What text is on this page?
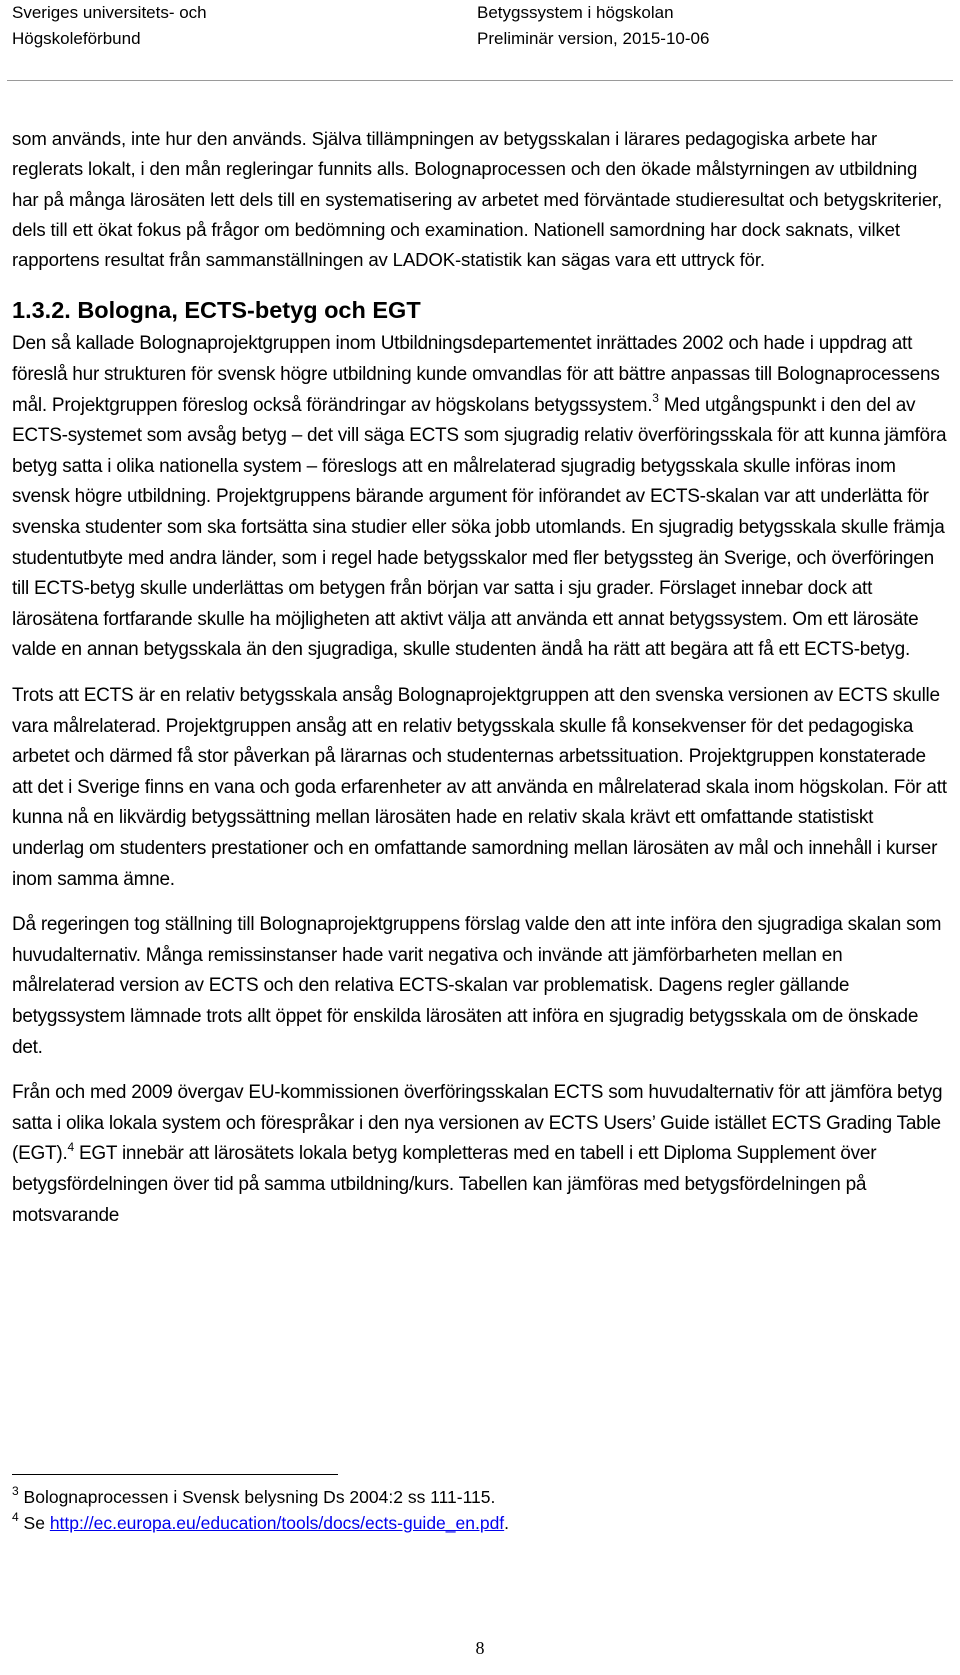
Sveriges universitets- och
Högskoleförbund
Betygssystem i högskolan
Preliminär version, 2015-10-06

som används, inte hur den används. Själva tillämpningen av betygsskalan i lärares pedagogiska arbete har reglerats lokalt, i den mån regleringar funnits alls. Bolognaprocessen och den ökade målstyrningen av utbildning har på många lärosäten lett dels till en systematisering av arbetet med förväntade studieresultat och betygskriterier, dels till ett ökat fokus på frågor om bedömning och examination. Nationell samordning har dock saknats, vilket rapportens resultat från sammanställningen av LADOK-statistik kan sägas vara ett uttryck för.

1.3.2. Bologna, ECTS-betyg och EGT

Den så kallade Bolognaprojektgruppen inom Utbildningsdepartementet inrättades 2002 och hade i uppdrag att föreslå hur strukturen för svensk högre utbildning kunde omvandlas för att bättre anpassas till Bolognaprocessens mål. Projektgruppen föreslog också förändringar av högskolans betygssystem.$^3$ Med utgångspunkt i den del av ECTS-systemet som avsåg betyg – det vill säga ECTS som sjugradig relativ överföringsskala för att kunna jämföra betyg satta i olika nationella system – föreslogs att en målrelaterad sjugradig betygsskala skulle införas inom svensk högre utbildning. Projektgruppens bärande argument för införandet av ECTS-skalan var att underlätta för svenska studenter som ska fortsätta sina studier eller söka jobb utomlands. En sjugradig betygsskala skulle främja studentutbyte med andra länder, som i regel hade betygsskalor med fler betygssteg än Sverige, och överföringen till ECTS-betyg skulle underlättas om betygen från början var satta i sju grader. Förslaget innebar dock att lärosätena fortfarande skulle ha möjligheten att aktivt välja att använda ett annat betygssystem. Om ett lärosäte valde en annan betygsskala än den sjugradiga, skulle studenten ändå ha rätt att begära att få ett ECTS-betyg.

Trots att ECTS är en relativ betygsskala ansåg Bolognaprojektgruppen att den svenska versionen av ECTS skulle vara målrelaterad. Projektgruppen ansåg att en relativ betygsskala skulle få konsekvenser för det pedagogiska arbetet och därmed få stor påverkan på lärarnas och studenternas arbetssituation. Projektgruppen konstaterade att det i Sverige finns en vana och goda erfarenheter av att använda en målrelaterad skala inom högskolan. För att kunna nå en likvärdig betygssättning mellan lärosäten hade en relativ skala krävt ett omfattande statistiskt underlag om studenters prestationer och en omfattande samordning mellan lärosäten av mål och innehåll i kurser inom samma ämne.

Då regeringen tog ställning till Bolognaprojektgruppens förslag valde den att inte införa den sjugradiga skalan som huvudalternativ. Många remissinstanser hade varit negativa och invände att jämförbarheten mellan en målrelaterad version av ECTS och den relativa ECTS-skalan var problematisk. Dagens regler gällande betygssystem lämnade trots allt öppet för enskilda lärosäten att införa en sjugradig betygsskala om de önskade det.

Från och med 2009 övergav EU-kommissionen överföringsskalan ECTS som huvudalternativ för att jämföra betyg satta i olika lokala system och förespråkar i den nya versionen av ECTS Users’ Guide istället ECTS Grading Table (EGT).$^4$ EGT innebär att lärosätets lokala betyg kompletteras med en tabell i ett Diploma Supplement över betygsfördelningen över tid på samma utbildning/kurs. Tabellen kan jämföras med betygsfördelningen på motsvarande

$^3$ Bolognaprocessen i Svensk belysning Ds 2004:2 ss 111-115.

$^4$ Se http://ec.europa.eu/education/tools/docs/ects-guide_en.pdf.

8
